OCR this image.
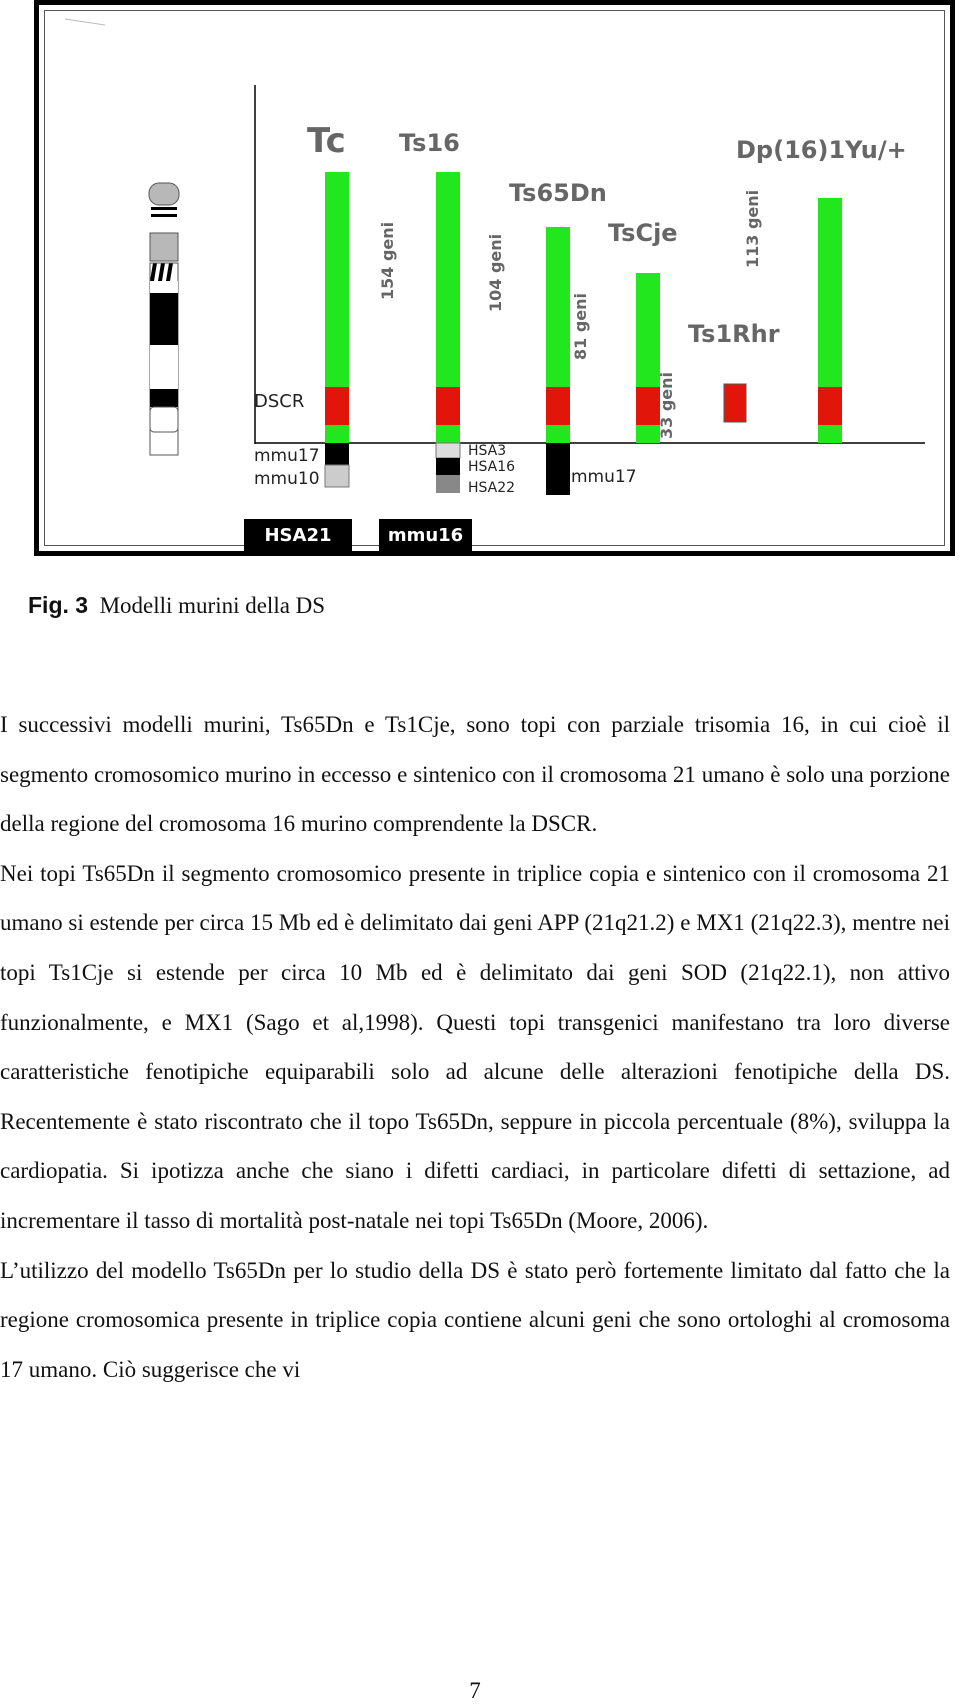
Tc Ts16
Ts65Dn
TsCje
Ts1Rhr
Dp(16)1Yu/+
154 geni	104 geni
81 geni
33 geni
113 geni
DSCR
mmu17
mmu10
HSA3
HSA16
HSA22
mmu17
HSA21	mmu16
Fig. 3 Modelli murini della DS

I successivi modelli murini, Ts65Dn e Ts1Cje, sono topi con parziale trisomia 16, in cui cioè il segmento cromosomico murino in eccesso e sintenico con il cromosoma 21 umano è solo una porzione della regione del cromosoma 16 murino comprendente la DSCR.

Nei topi Ts65Dn il segmento cromosomico presente in triplice copia e sintenico con il cromosoma 21 umano si estende per circa 15 Mb ed è delimitato dai geni APP (21q21.2) e MX1 (21q22.3), mentre nei topi Ts1Cje si estende per circa 10 Mb ed è delimitato dai geni SOD (21q22.1), non attivo funzionalmente, e MX1 (Sago et al,1998). Questi topi transgenici manifestano tra loro diverse caratteristiche fenotipiche equiparabili solo ad alcune delle alterazioni fenotipiche della DS. Recentemente è stato riscontrato che il topo Ts65Dn, seppure in piccola percentuale (8%), sviluppa la cardiopatia. Si ipotizza anche che siano i difetti cardiaci, in particolare difetti di settazione, ad incrementare il tasso di mortalità post-natale nei topi Ts65Dn (Moore, 2006).

L’utilizzo del modello Ts65Dn per lo studio della DS è stato però fortemente limitato dal fatto che la regione cromosomica presente in triplice copia contiene alcuni geni che sono ortologhi al cromosoma 17 umano. Ciò suggerisce che vi

7
